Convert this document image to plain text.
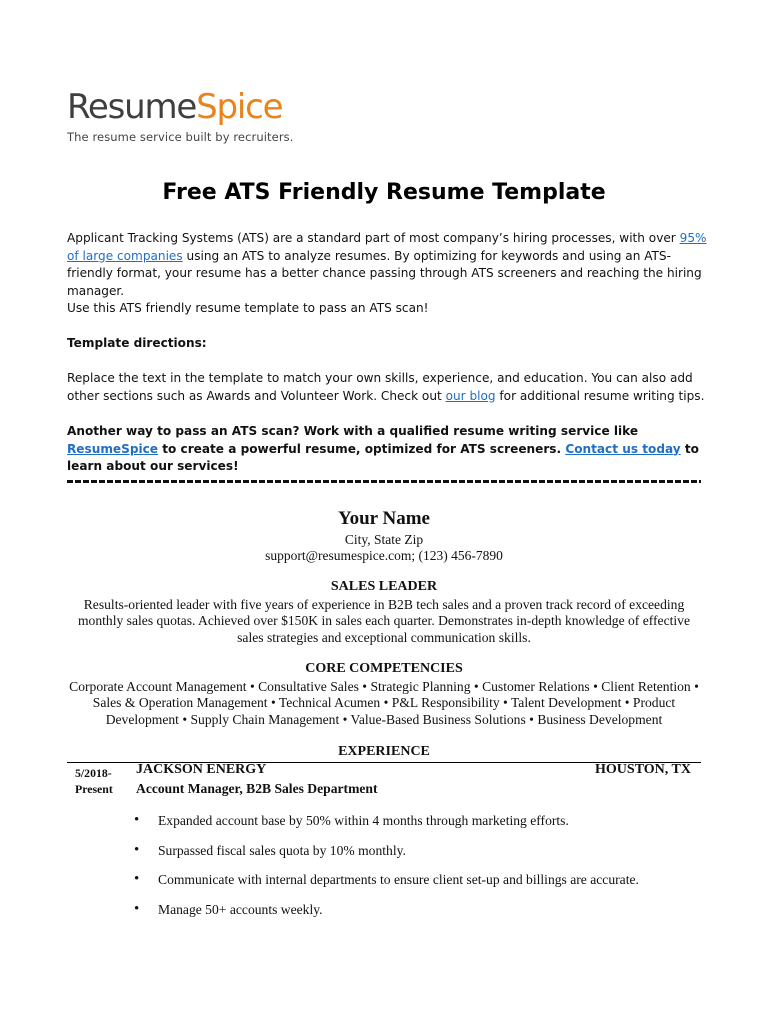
ResumeSpice
The resume service built by recruiters.
Free ATS Friendly Resume Template

Applicant Tracking Systems (ATS) are a standard part of most company’s hiring processes, with over 95% of large companies using an ATS to analyze resumes. By optimizing for keywords and using an ATS-friendly format, your resume has a better chance passing through ATS screeners and reaching the hiring manager.

Use this ATS friendly resume template to pass an ATS scan!

Template directions:

Replace the text in the template to match your own skills, experience, and education. You can also add other sections such as Awards and Volunteer Work. Check out our blog for additional resume writing tips.

Another way to pass an ATS scan? Work with a qualified resume writing service like ResumeSpice to create a powerful resume, optimized for ATS screeners. Contact us today to learn about our services!

Your Name
City, State Zip
support@resumespice.com; (123) 456-7890
SALES LEADER
Results-oriented leader with five years of experience in B2B tech sales and a proven track record of exceeding monthly sales quotas. Achieved over $150K in sales each quarter. Demonstrates in-depth knowledge of effective sales strategies and exceptional communication skills.
CORE COMPETENCIES
Corporate Account Management • Consultative Sales • Strategic Planning • Customer Relations • Client Retention • Sales & Operation Management • Technical Acumen • P&L Responsibility • Talent Development • Product Development • Supply Chain Management • Value-Based Business Solutions • Business Development
EXPERIENCE
5/2018-
Present
JACKSON ENERGY	HOUSTON, TX
Account Manager, B2B Sales Department
•	Expanded account base by 50% within 4 months through marketing efforts.
•	Surpassed fiscal sales quota by 10% monthly.
•	Communicate with internal departments to ensure client set-up and billings are accurate.
•	Manage 50+ accounts weekly.
